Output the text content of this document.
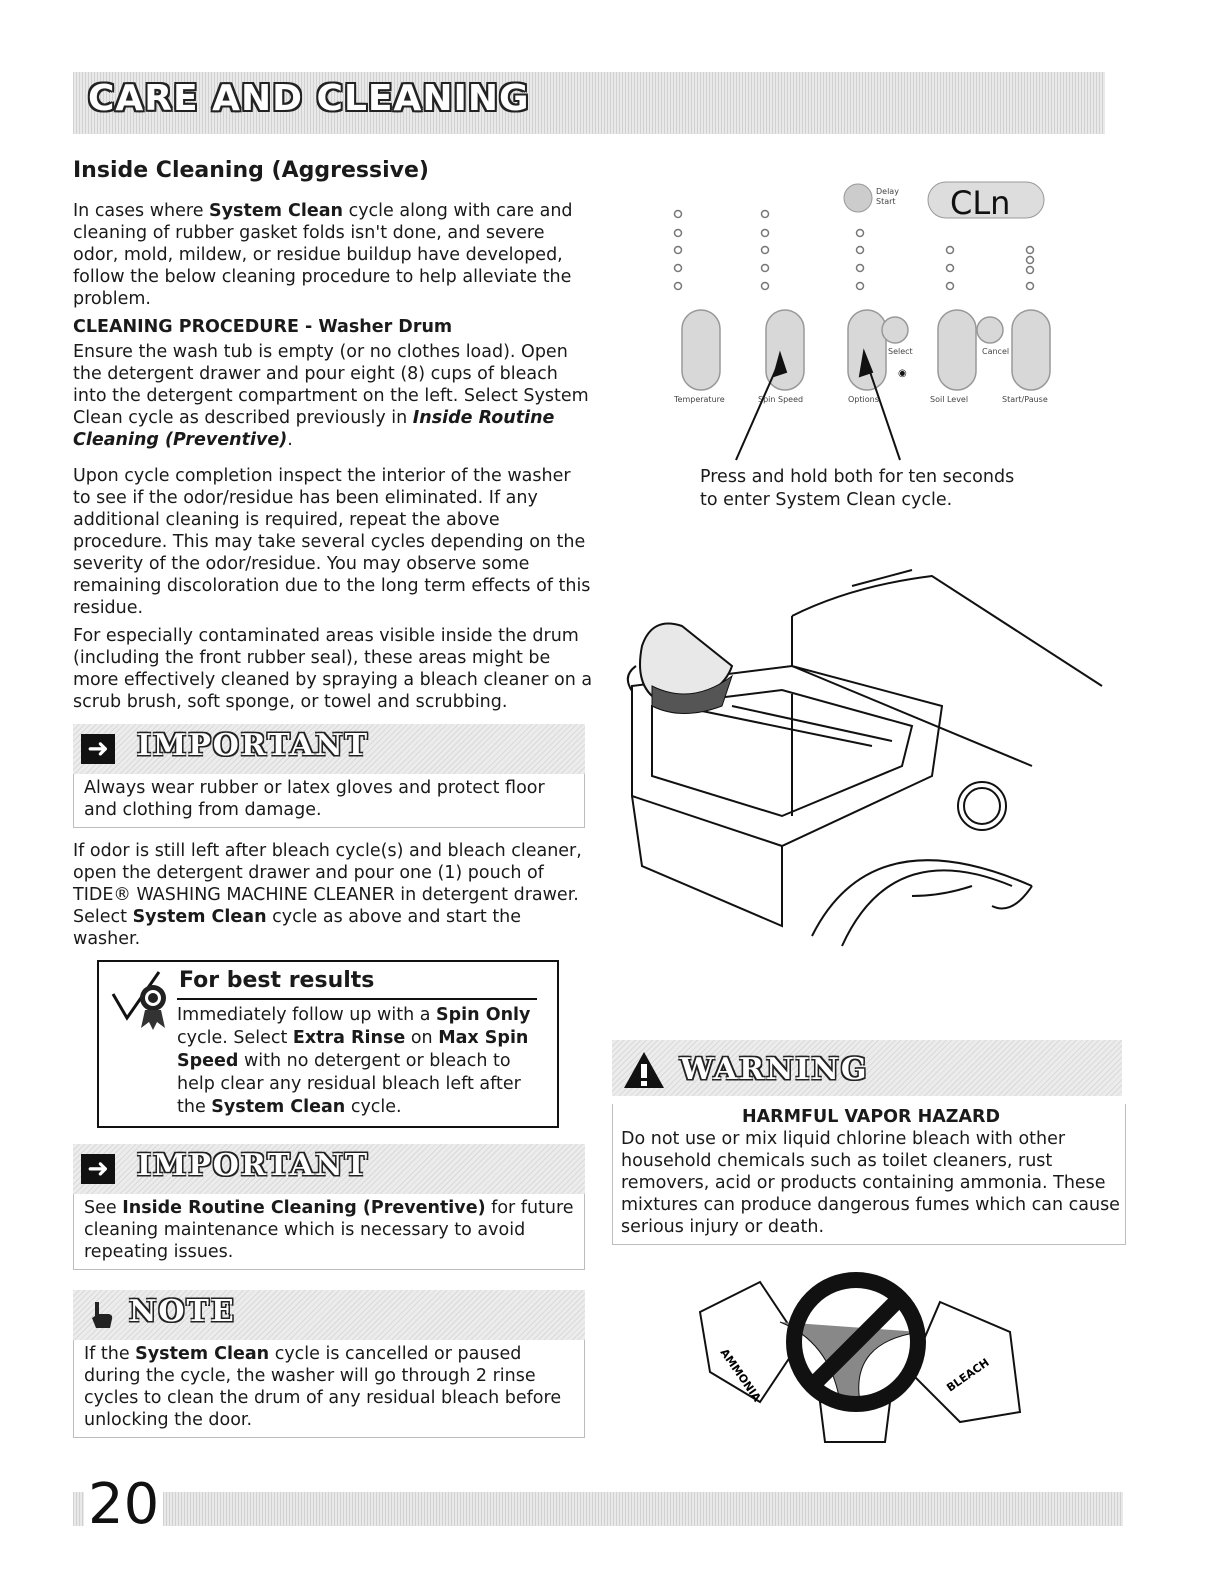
CARE AND CLEANING
Inside Cleaning (Aggressive)

In cases where System Clean cycle along with care and cleaning of rubber gasket folds isn't done, and severe odor, mold, mildew, or residue buildup have developed, follow the below cleaning procedure to help alleviate the problem.

CLEANING PROCEDURE - Washer Drum

Ensure the wash tub is empty (or no clothes load). Open the detergent drawer and pour eight (8) cups of bleach into the detergent compartment on the left. Select System Clean cycle as described previously in Inside Routine Cleaning (Preventive).

Upon cycle completion inspect the interior of the washer to see if the odor/residue has been eliminated. If any additional cleaning is required, repeat the above procedure. This may take several cycles depending on the severity of the odor/residue. You may observe some remaining discoloration due to the long term effects of this residue.

For especially contaminated areas visible inside the drum (including the front rubber seal), these areas might be more effectively cleaned by spraying a bleach cleaner on a scrub brush, soft sponge, or towel and scrubbing.

➜ IMPORTANT

Always wear rubber or latex gloves and protect floor and clothing from damage.

If odor is still left after bleach cycle(s) and bleach cleaner, open the detergent drawer and pour one (1) pouch of TIDE® WASHING MACHINE CLEANER in detergent drawer. Select System Clean cycle as above and start the washer.

For best results
Immediately follow up with a Spin Only cycle. Select Extra Rinse on Max Spin Speed with no detergent or bleach to help clear any residual bleach left after the System Clean cycle.
➜ IMPORTANT

See Inside Routine Cleaning (Preventive) for future cleaning maintenance which is necessary to avoid repeating issues.

NOTE

If the System Clean cycle is cancelled or paused during the cycle, the washer will go through 2 rinse cycles to clean the drum of any residual bleach before unlocking the door.

Delay
Start CLn
Select	Cancel
Temperature	Spin Speed	Options	Soil Level	Start/Pause
◉
Press and hold both for ten seconds
to enter System Clean cycle.
WARNING
HARMFUL VAPOR HAZARD

Do not use or mix liquid chlorine bleach with other household chemicals such as toilet cleaners, rust removers, acid or products containing ammonia. These mixtures can produce dangerous fumes which can cause serious injury or death.

AMMONIA	BLEACH
20
